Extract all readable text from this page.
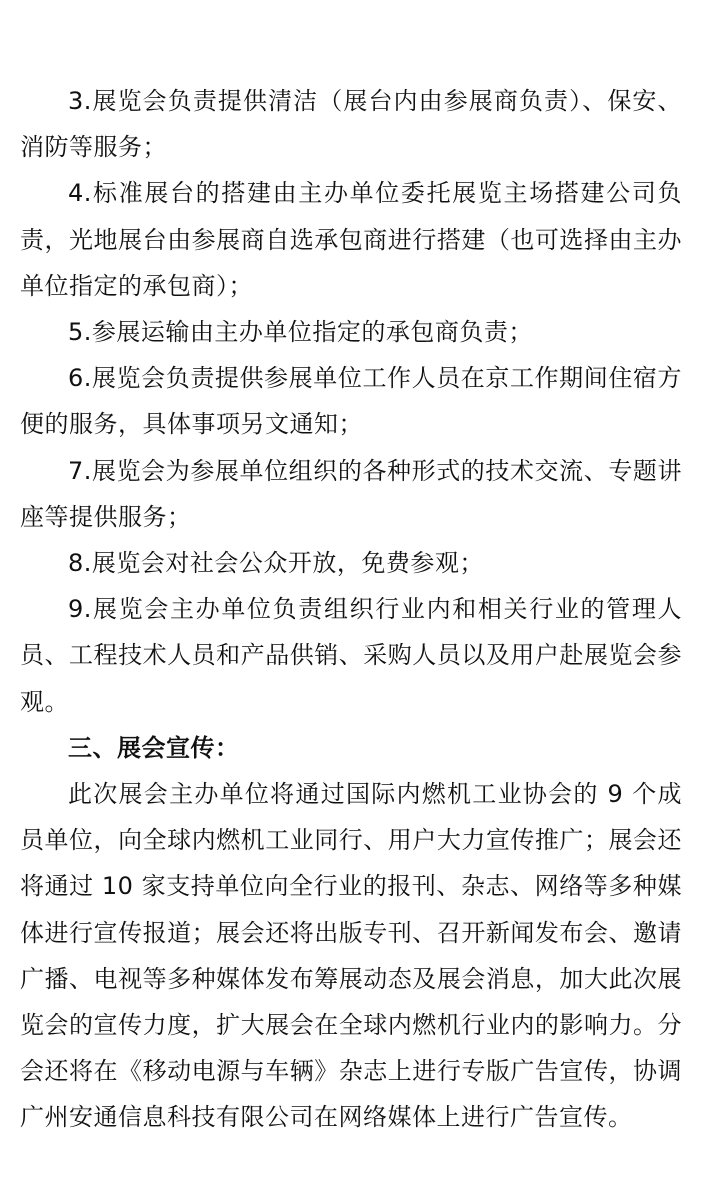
3.展览会负责提供清洁（展台内由参展商负责）、保安、消防等服务；

4.标准展台的搭建由主办单位委托展览主场搭建公司负责，光地展台由参展商自选承包商进行搭建（也可选择由主办单位指定的承包商）；

5.参展运输由主办单位指定的承包商负责；

6.展览会负责提供参展单位工作人员在京工作期间住宿方便的服务，具体事项另文通知；

7.展览会为参展单位组织的各种形式的技术交流、专题讲座等提供服务；

8.展览会对社会公众开放，免费参观；

9.展览会主办单位负责组织行业内和相关行业的管理人员、工程技术人员和产品供销、采购人员以及用户赴展览会参观。

三、展会宣传：

此次展会主办单位将通过国际内燃机工业协会的 9 个成员单位，向全球内燃机工业同行、用户大力宣传推广；展会还将通过 10 家支持单位向全行业的报刊、杂志、网络等多种媒体进行宣传报道；展会还将出版专刊、召开新闻发布会、邀请广播、电视等多种媒体发布筹展动态及展会消息，加大此次展览会的宣传力度，扩大展会在全球内燃机行业内的影响力。分会还将在《移动电源与车辆》杂志上进行专版广告宣传，协调广州安通信息科技有限公司在网络媒体上进行广告宣传。
